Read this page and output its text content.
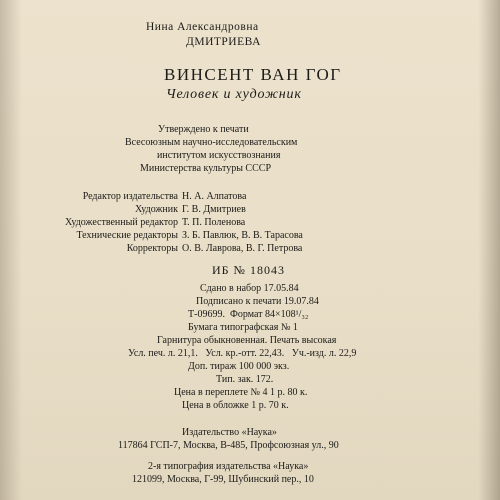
Нина Александровна
ДМИТРИЕВА
ВИНСЕНТ ВАН ГОГ
Человек и художник
Утверждено к печати
Всесоюзным научно-исследовательским
институтом искусствознания
Министерства культуры СССР
Редактор издательства Н. А. Алпатова
Художник Г. В. Дмитриев
Художественный редактор Т. П. Поленова
Технические редакторы З. Б. Павлюк, В. В. Тарасова
Корректоры О. В. Лаврова, В. Г. Петрова
ИБ № 18043
Сдано в набор 17.05.84
Подписано к печати 19.07.84
Т-09699. Формат 84×108¹/₃₂
Бумага типографская № 1
Гарнитура обыкновенная. Печать высокая
Усл. печ. л. 21,1. Усл. кр.-отт. 22,43. Уч.-изд. л. 22,9
Доп. тираж 100 000 экз.
Тип. зак. 172.
Цена в переплете № 4 1 р. 80 к.
Цена в обложке 1 р. 70 к.
Издательство «Наука»
117864 ГСП-7, Москва, В-485, Профсоюзная ул., 90
2-я типография издательства «Наука»
121099, Москва, Г-99, Шубинский пер., 10
